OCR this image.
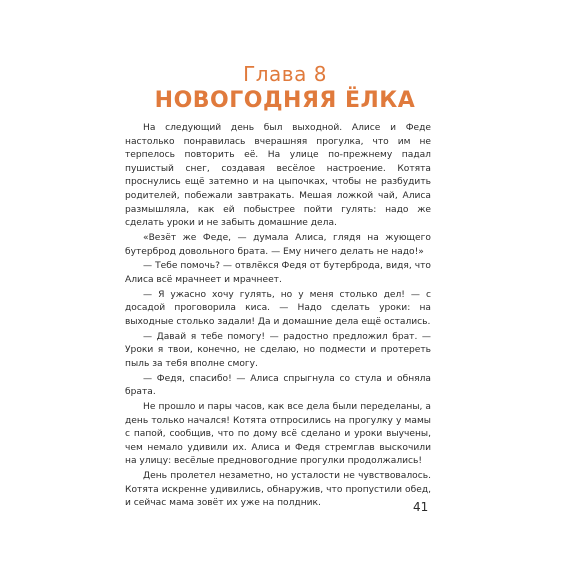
Глава 8
НОВОГОДНЯЯ ЁЛКА

На следующий день был выходной. Алисе и Феде настолько понравилась вчерашняя прогулка, что им не терпелось повторить её. На улице по-прежнему падал пушистый снег, создавая весёлое настроение. Котята проснулись ещё затемно и на цыпочках, чтобы не разбудить родителей, побежали завтракать. Мешая ложкой чай, Алиса размышляла, как ей побыстрее пойти гулять: надо же сделать уроки и не забыть домашние дела.

«Везёт же Феде, — думала Алиса, глядя на жующего бутерброд довольного брата. — Ему ничего делать не надо!»

— Тебе помочь? — отвлёкся Федя от бутерброда, видя, что Алиса всё мрачнеет и мрачнеет.

— Я ужасно хочу гулять, но у меня столько дел! — с досадой проговорила киса. — Надо сделать уроки: на выходные столько задали! Да и домашние дела ещё остались.

— Давай я тебе помогу! — радостно предложил брат. — Уроки я твои, конечно, не сделаю, но подмести и протереть пыль за тебя вполне смогу.

— Федя, спасибо! — Алиса спрыгнула со стула и обняла брата.

Не прошло и пары часов, как все дела были переделаны, а день только начался! Котята отпросились на прогулку у мамы с папой, сообщив, что по дому всё сделано и уроки выучены, чем немало удивили их. Алиса и Федя стремглав выскочили на улицу: весёлые предновогодние прогулки продолжались!

День пролетел незаметно, но усталости не чувствовалось. Котята искренне удивились, обнаружив, что пропустили обед, и сейчас мама зовёт их уже на полдник.	41
